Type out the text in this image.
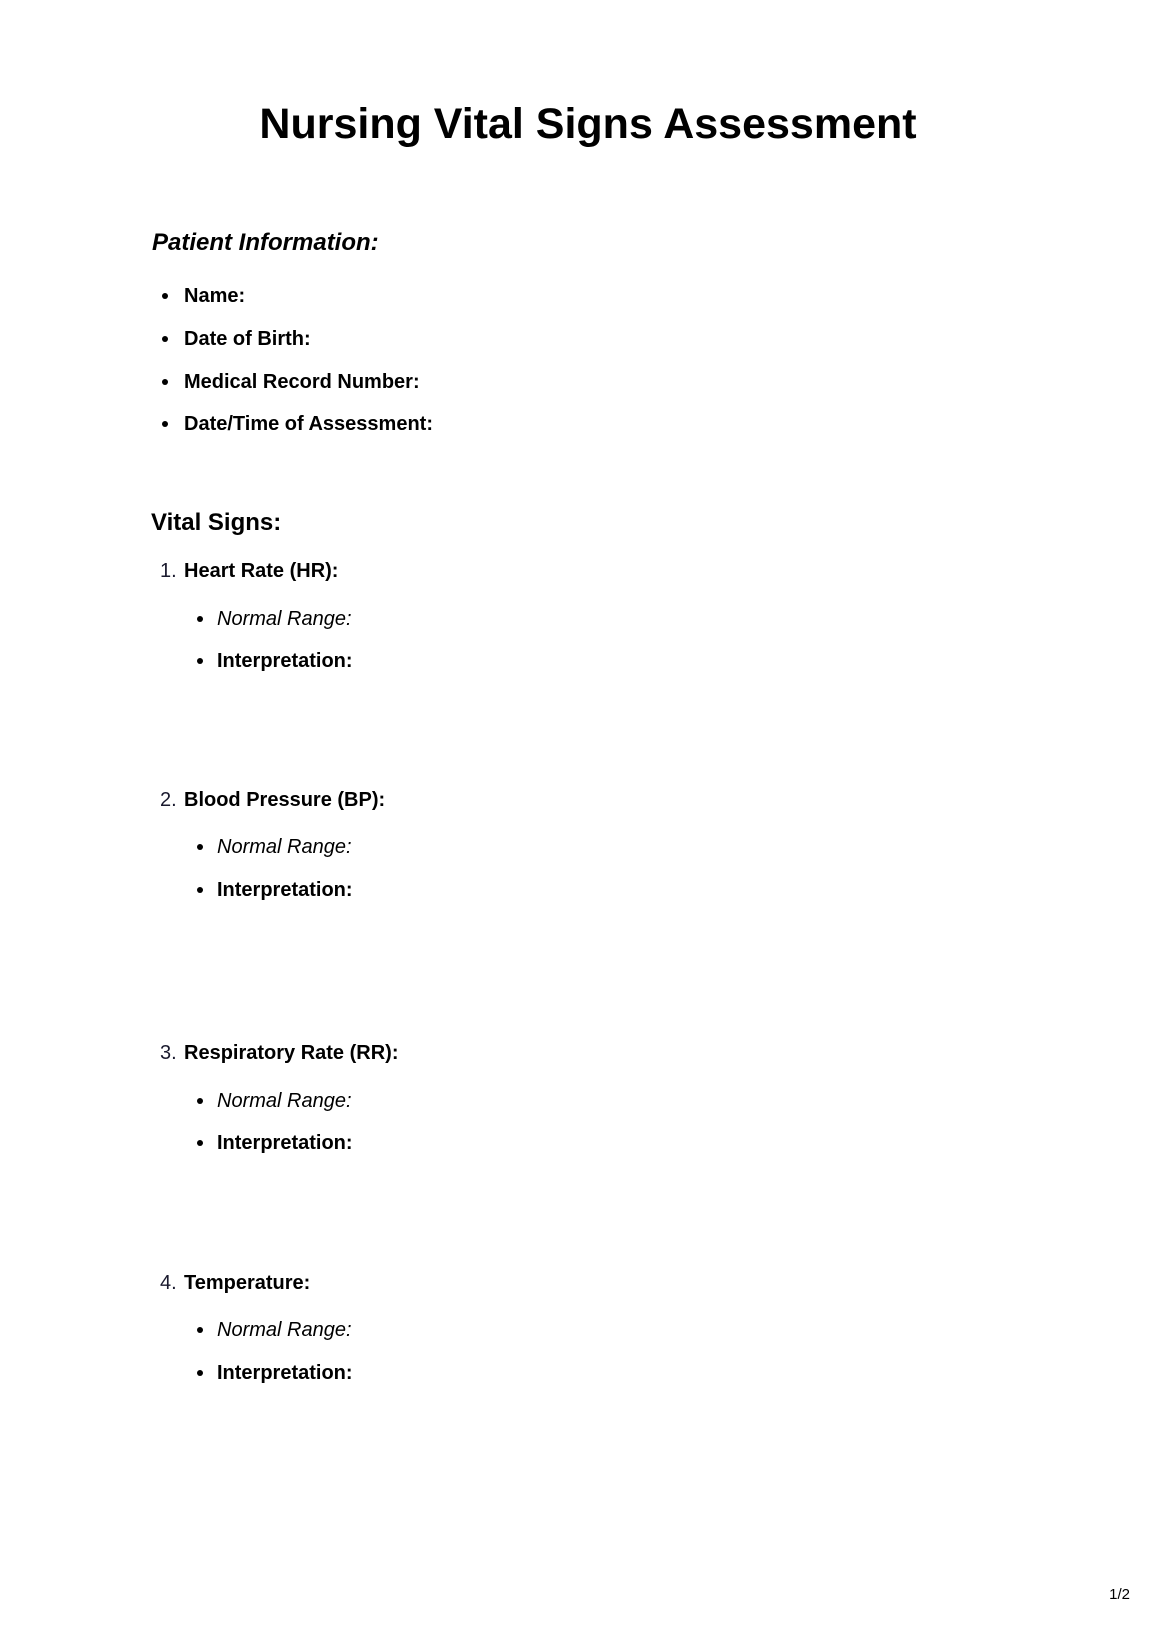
Nursing Vital Signs Assessment
Patient Information:
Name:
Date of Birth:
Medical Record Number:
Date/Time of Assessment:
Vital Signs:
1. Heart Rate (HR):
Normal Range:
Interpretation:
2. Blood Pressure (BP):
Normal Range:
Interpretation:
3. Respiratory Rate (RR):
Normal Range:
Interpretation:
4. Temperature:
Normal Range:
Interpretation:
1/2
